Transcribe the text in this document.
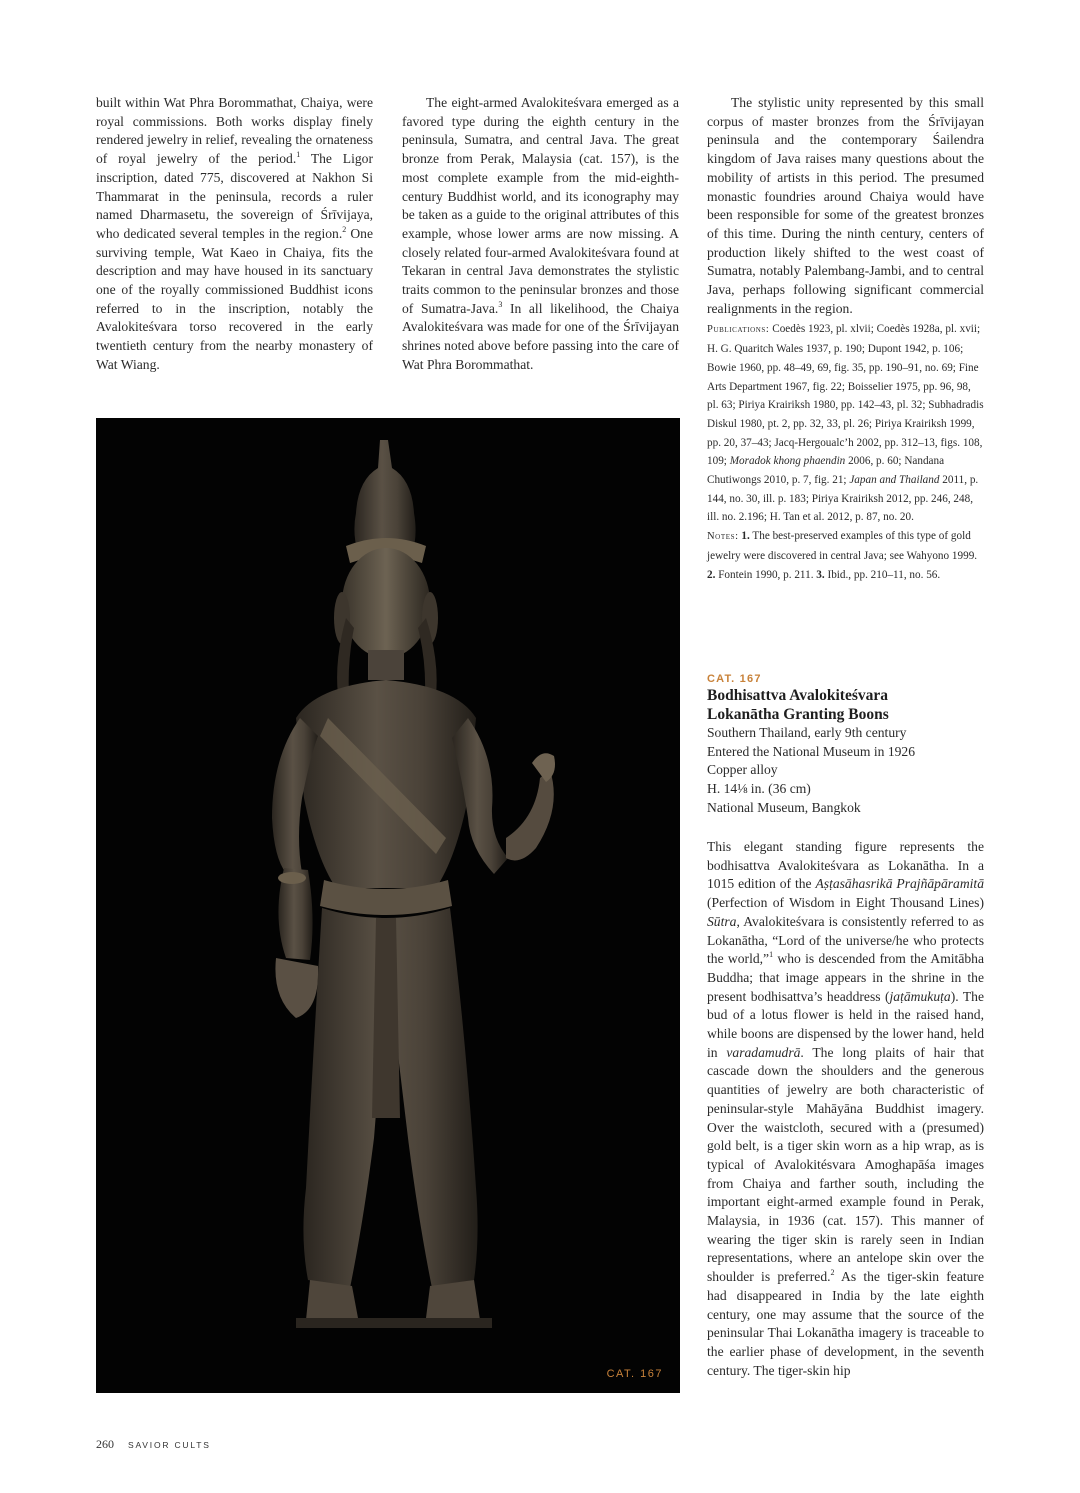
built within Wat Phra Borommathat, Chaiya, were royal commissions. Both works display finely rendered jewelry in relief, revealing the ornateness of royal jewelry of the period.$^1$ The Ligor inscription, dated 775, discovered at Nakhon Si Thammarat in the peninsula, records a ruler named Dharmasetu, the sovereign of Śrīvijaya, who dedicated several temples in the region.$^2$ One surviving temple, Wat Kaeo in Chaiya, fits the description and may have housed in its sanctuary one of the royally commissioned Buddhist icons referred to in the inscription, notably the Avalokiteśvara torso recovered in the early twentieth century from the nearby monastery of Wat Wiang.

The eight-armed Avalokiteśvara emerged as a favored type during the eighth century in the peninsula, Sumatra, and central Java. The great bronze from Perak, Malaysia (cat. 157), is the most complete example from the mid-eighth-century Buddhist world, and its iconography may be taken as a guide to the original attributes of this example, whose lower arms are now missing. A closely related four-armed Avalokiteśvara found at Tekaran in central Java demonstrates the stylistic traits common to the peninsular bronzes and those of Sumatra-Java.$^3$ In all likelihood, the Chaiya Avalokiteśvara was made for one of the Śrīvijayan shrines noted above before passing into the care of Wat Phra Borommathat.

The stylistic unity represented by this small corpus of master bronzes from the Śrīvijayan peninsula and the contemporary Śailendra kingdom of Java raises many questions about the mobility of artists in this period. The presumed monastic foundries around Chaiya would have been responsible for some of the greatest bronzes of this time. During the ninth century, centers of production likely shifted to the west coast of Sumatra, notably Palembang-Jambi, and to central Java, perhaps following significant commercial realignments in the region.

Publications: Coedès 1923, pl. xlvii; Coedès 1928a, pl. xvii; H. G. Quaritch Wales 1937, p. 190; Dupont 1942, p. 106; Bowie 1960, pp. 48–49, 69, fig. 35, pp. 190–91, no. 69; Fine Arts Department 1967, fig. 22; Boisselier 1975, pp. 96, 98, pl. 63; Piriya Krairiksh 1980, pp. 142–43, pl. 32; Subhadradis Diskul 1980, pt. 2, pp. 32, 33, pl. 26; Piriya Krairiksh 1999, pp. 20, 37–43; Jacq-Hergoualc’h 2002, pp. 312–13, figs. 108, 109; Moradok khong phaendin 2006, p. 60; Nandana Chutiwongs 2010, p. 7, fig. 21; Japan and Thailand 2011, p. 144, no. 30, ill. p. 183; Piriya Krairiksh 2012, pp. 246, 248, ill. no. 2.196; H. Tan et al. 2012, p. 87, no. 20.

Notes: 1. The best-preserved examples of this type of gold jewelry were discovered in central Java; see Wahyono 1999. 2. Fontein 1990, p. 211. 3. Ibid., pp. 210–11, no. 56.

CAT. 167

CAT. 167

Bodhisattva Avalokiteśvara

Lokanātha Granting Boons

Southern Thailand, early 9th century

Entered the National Museum in 1926

Copper alloy

H. 14⅛ in. (36 cm)

National Museum, Bangkok

This elegant standing figure represents the bodhisattva Avalokiteśvara as Lokanātha. In a 1015 edition of the Aṣṭasāhasrikā Prajñāpāramitā (Perfection of Wisdom in Eight Thousand Lines) Sūtra, Avalokiteśvara is consistently referred to as Lokanātha, “Lord of the universe/he who protects the world,”$^1$ who is descended from the Amitābha Buddha; that image appears in the shrine in the present bodhisattva’s headdress (jaṭāmukuṭa). The bud of a lotus flower is held in the raised hand, while boons are dispensed by the lower hand, held in varadamudrā. The long plaits of hair that cascade down the shoulders and the generous quantities of jewelry are both characteristic of peninsular-style Mahāyāna Buddhist imagery. Over the waistcloth, secured with a (presumed) gold belt, is a tiger skin worn as a hip wrap, as is typical of Avalokitésvara Amoghapāśa images from Chaiya and farther south, including the important eight-armed example found in Perak, Malaysia, in 1936 (cat. 157). This manner of wearing the tiger skin is rarely seen in Indian representations, where an antelope skin over the shoulder is preferred.$^2$ As the tiger-skin feature had disappeared in India by the late eighth century, one may assume that the source of the peninsular Thai Lokanātha imagery is traceable to the earlier phase of development, in the seventh century. The tiger-skin hip

260 SAVIOR CULTS
